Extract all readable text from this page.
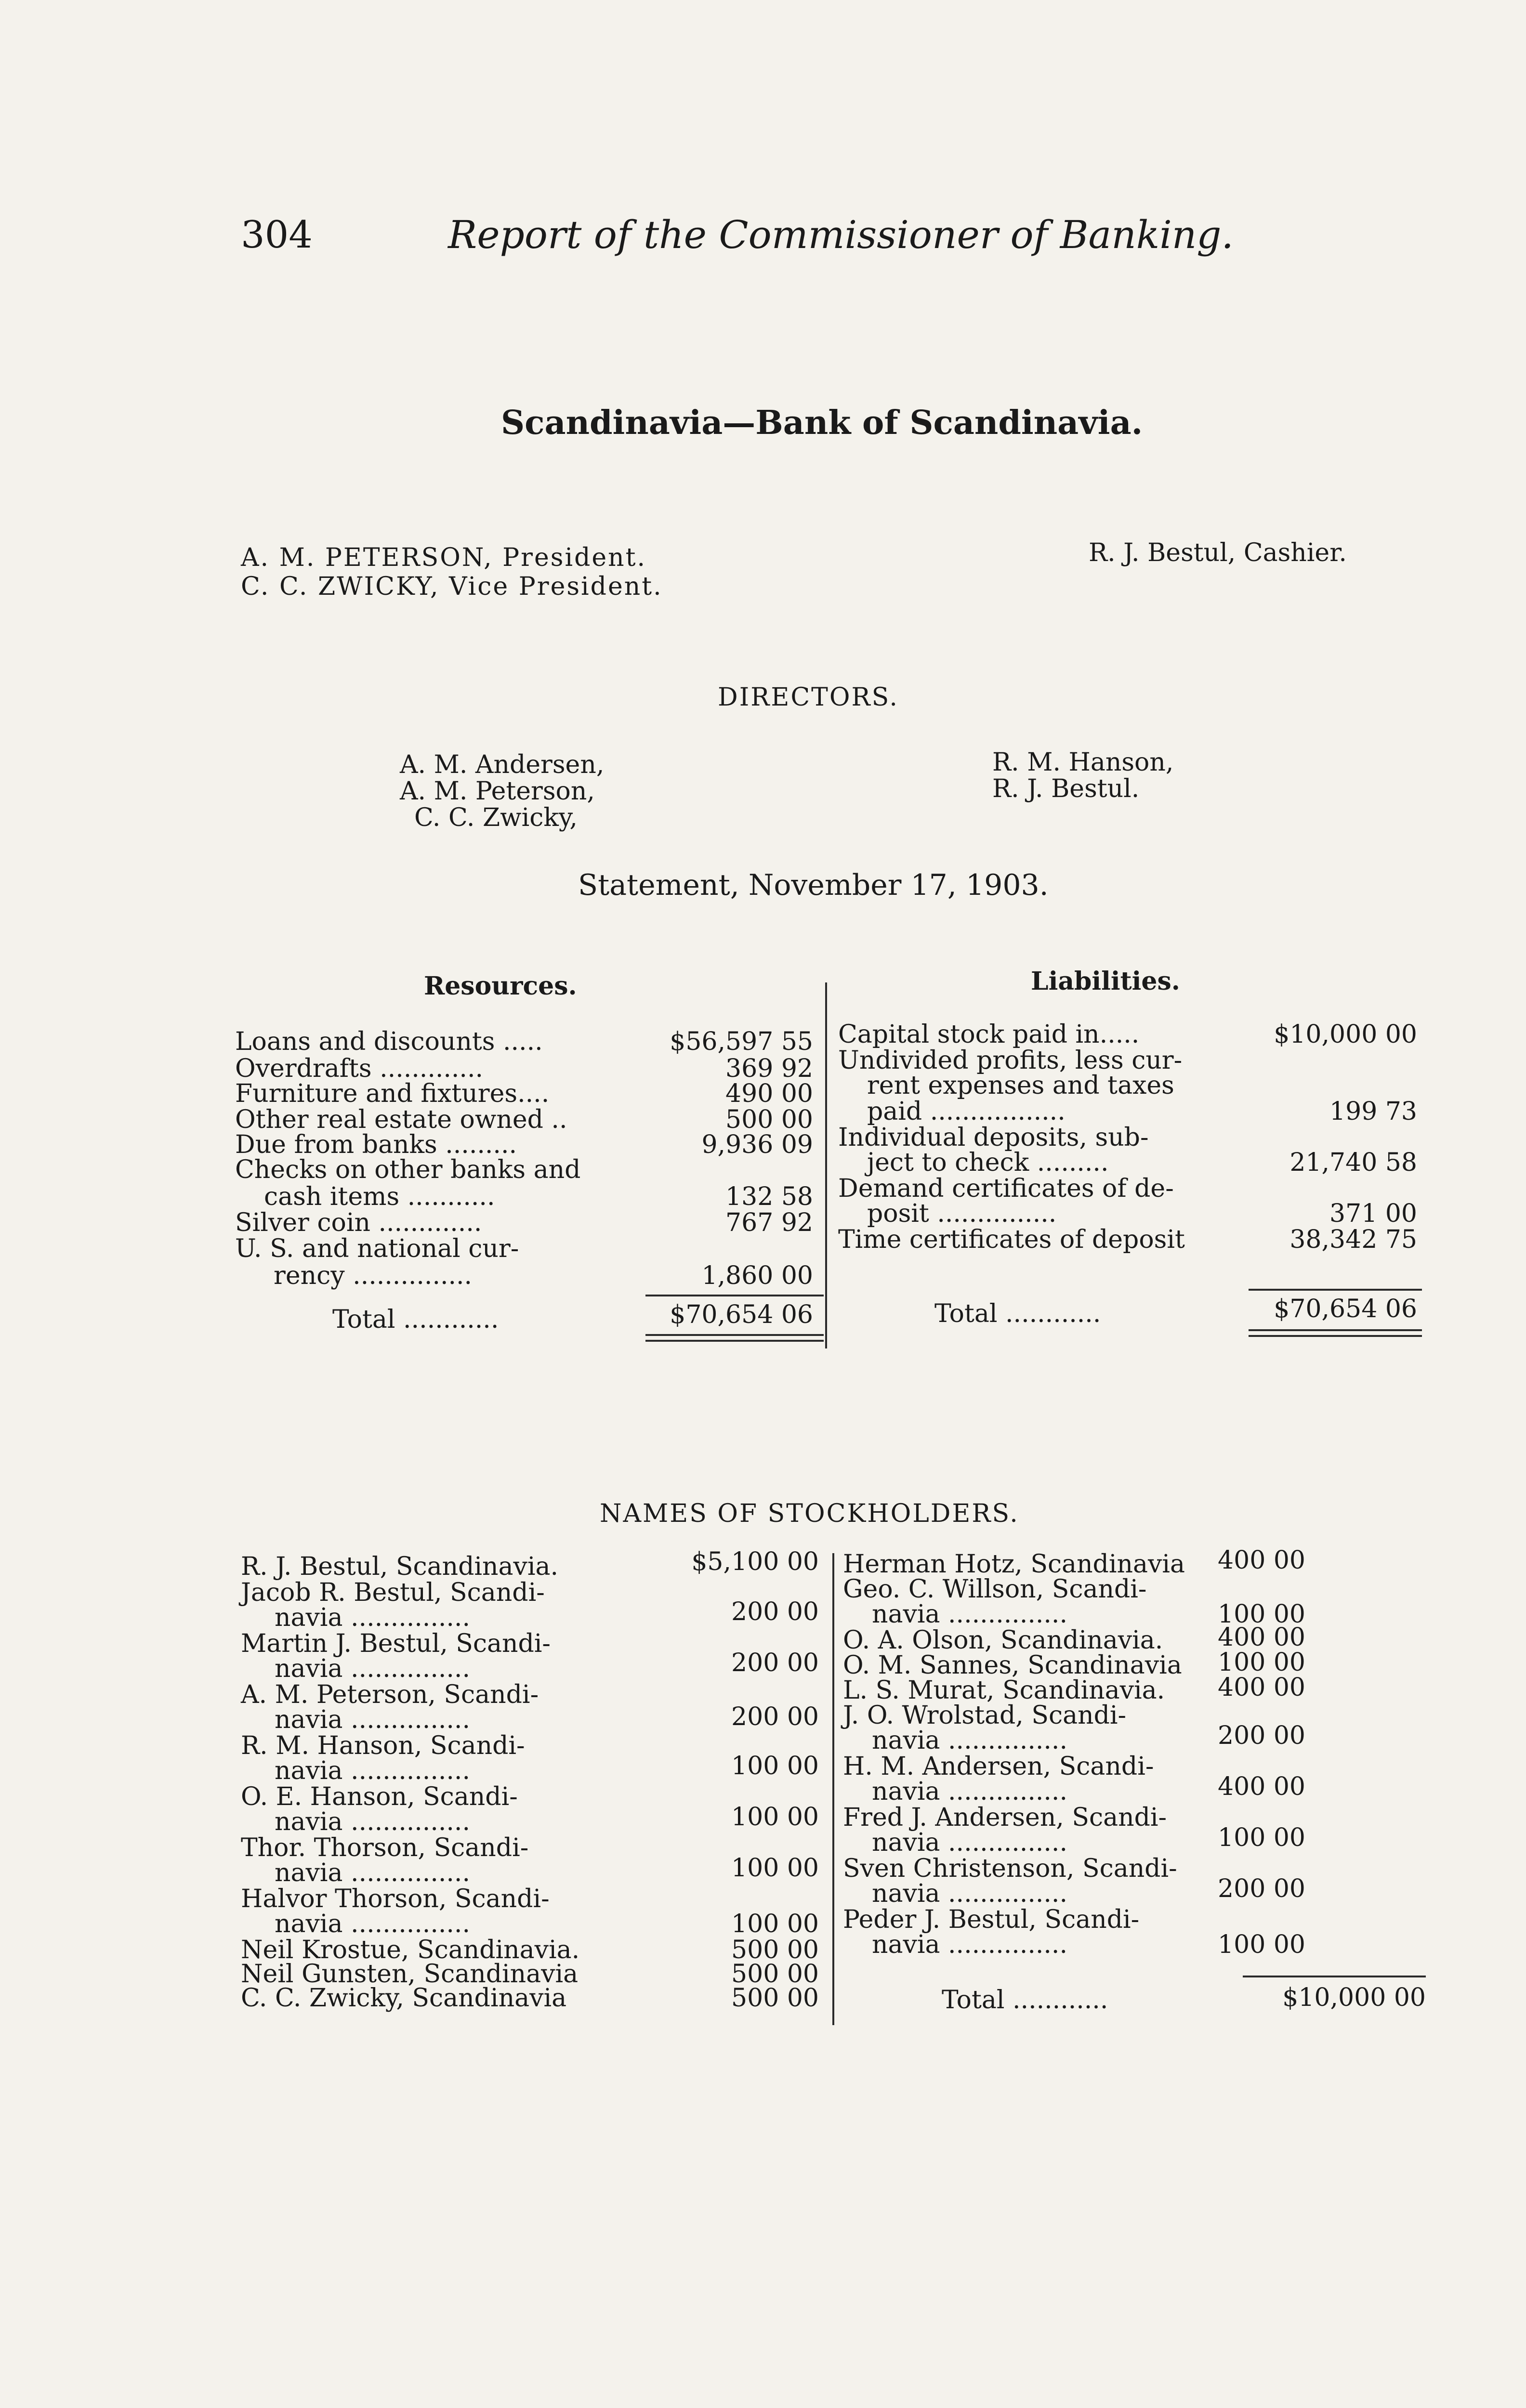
304	Report of the Commissioner of Banking.
Scandinavia—Bank of Scandinavia.
A. M. PETERSON, President.
C. C. ZWICKY, Vice President.
R. J. Bestul, Cashier.
DIRECTORS.
A. M. Andersen,
A. M. Peterson,
C. C. Zwicky,
R. M. Hanson,
R. J. Bestul.
Statement, November 17, 1903.
Resources.	Liabilities.
Loans and discounts .....	$56,597 55
Overdrafts .............	369 92
Furniture and fixtures....	490 00
Other real estate owned ..	500 00
Due from banks .........	9,936 09
Checks on other banks and
cash items ...........	132 58
Silver coin .............	767 92
U. S. and national cur-
rency ...............	1,860 00
Total ............	$70,654 06
Capital stock paid in.....	$10,000 00
Undivided profits, less cur-
rent expenses and taxes
paid .................	199 73
Individual deposits, sub-
ject to check .........	21,740 58
Demand certificates of de-
posit ...............	371 00
Time certificates of deposit	38,342 75
Total ............	$70,654 06
NAMES OF STOCKHOLDERS.
R. J. Bestul, Scandinavia.	$5,100 00
Jacob R. Bestul, Scandi-
navia ...............	200 00
Martin J. Bestul, Scandi-
navia ...............	200 00
A. M. Peterson, Scandi-
navia ...............	200 00
R. M. Hanson, Scandi-
navia ...............	100 00
O. E. Hanson, Scandi-
navia ...............	100 00
Thor. Thorson, Scandi-
navia ...............	100 00
Halvor Thorson, Scandi-
navia ...............	100 00
Neil Krostue, Scandinavia.	500 00
Neil Gunsten, Scandinavia	500 00
C. C. Zwicky, Scandinavia	500 00
Herman Hotz, Scandinavia	400 00
Geo. C. Willson, Scandi-
navia ...............	100 00
O. A. Olson, Scandinavia.	400 00
O. M. Sannes, Scandinavia	100 00
L. S. Murat, Scandinavia.	400 00
J. O. Wrolstad, Scandi-
navia ...............	200 00
H. M. Andersen, Scandi-
navia ...............	400 00
Fred J. Andersen, Scandi-
navia ...............	100 00
Sven Christenson, Scandi-
navia ...............	200 00
Peder J. Bestul, Scandi-
navia ...............	100 00
Total ............	$10,000 00
